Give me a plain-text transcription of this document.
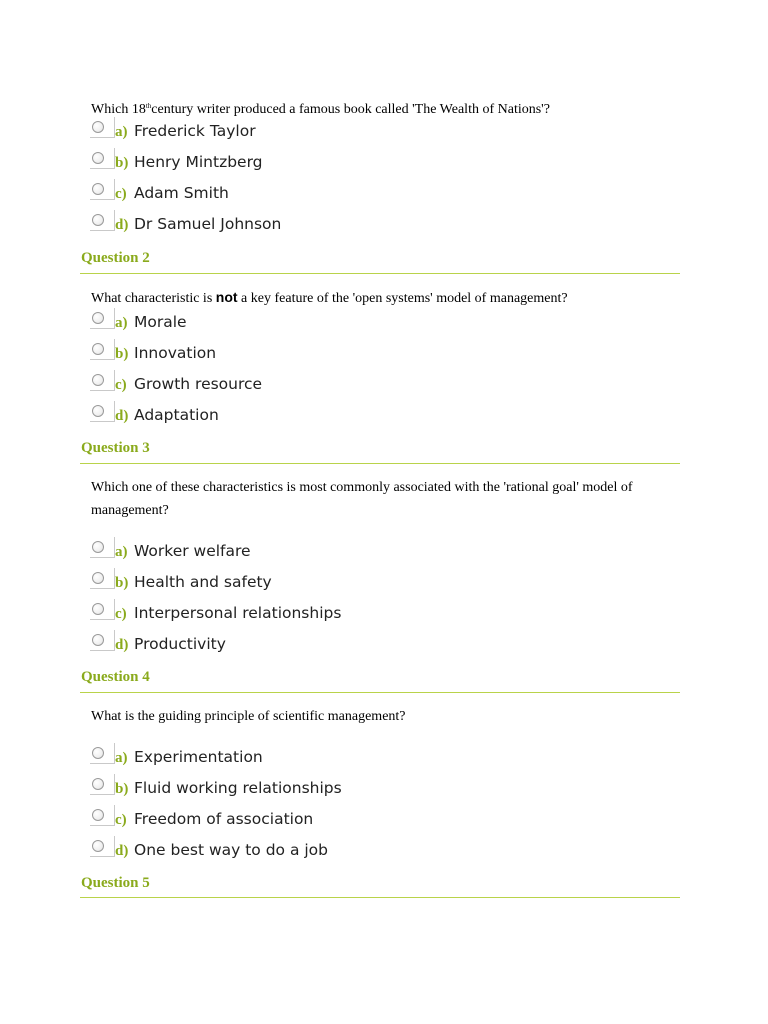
Which 18thcentury writer produced a famous book called 'The Wealth of Nations'?
a) Frederick Taylor
b) Henry Mintzberg
c) Adam Smith
d) Dr Samuel Johnson
Question 2
What characteristic is not a key feature of the 'open systems' model of management?
a) Morale
b) Innovation
c) Growth resource
d) Adaptation
Question 3
Which one of these characteristics is most commonly associated with the 'rational goal' model of management?
a) Worker welfare
b) Health and safety
c) Interpersonal relationships
d) Productivity
Question 4
What is the guiding principle of scientific management?
a) Experimentation
b) Fluid working relationships
c) Freedom of association
d) One best way to do a job
Question 5
